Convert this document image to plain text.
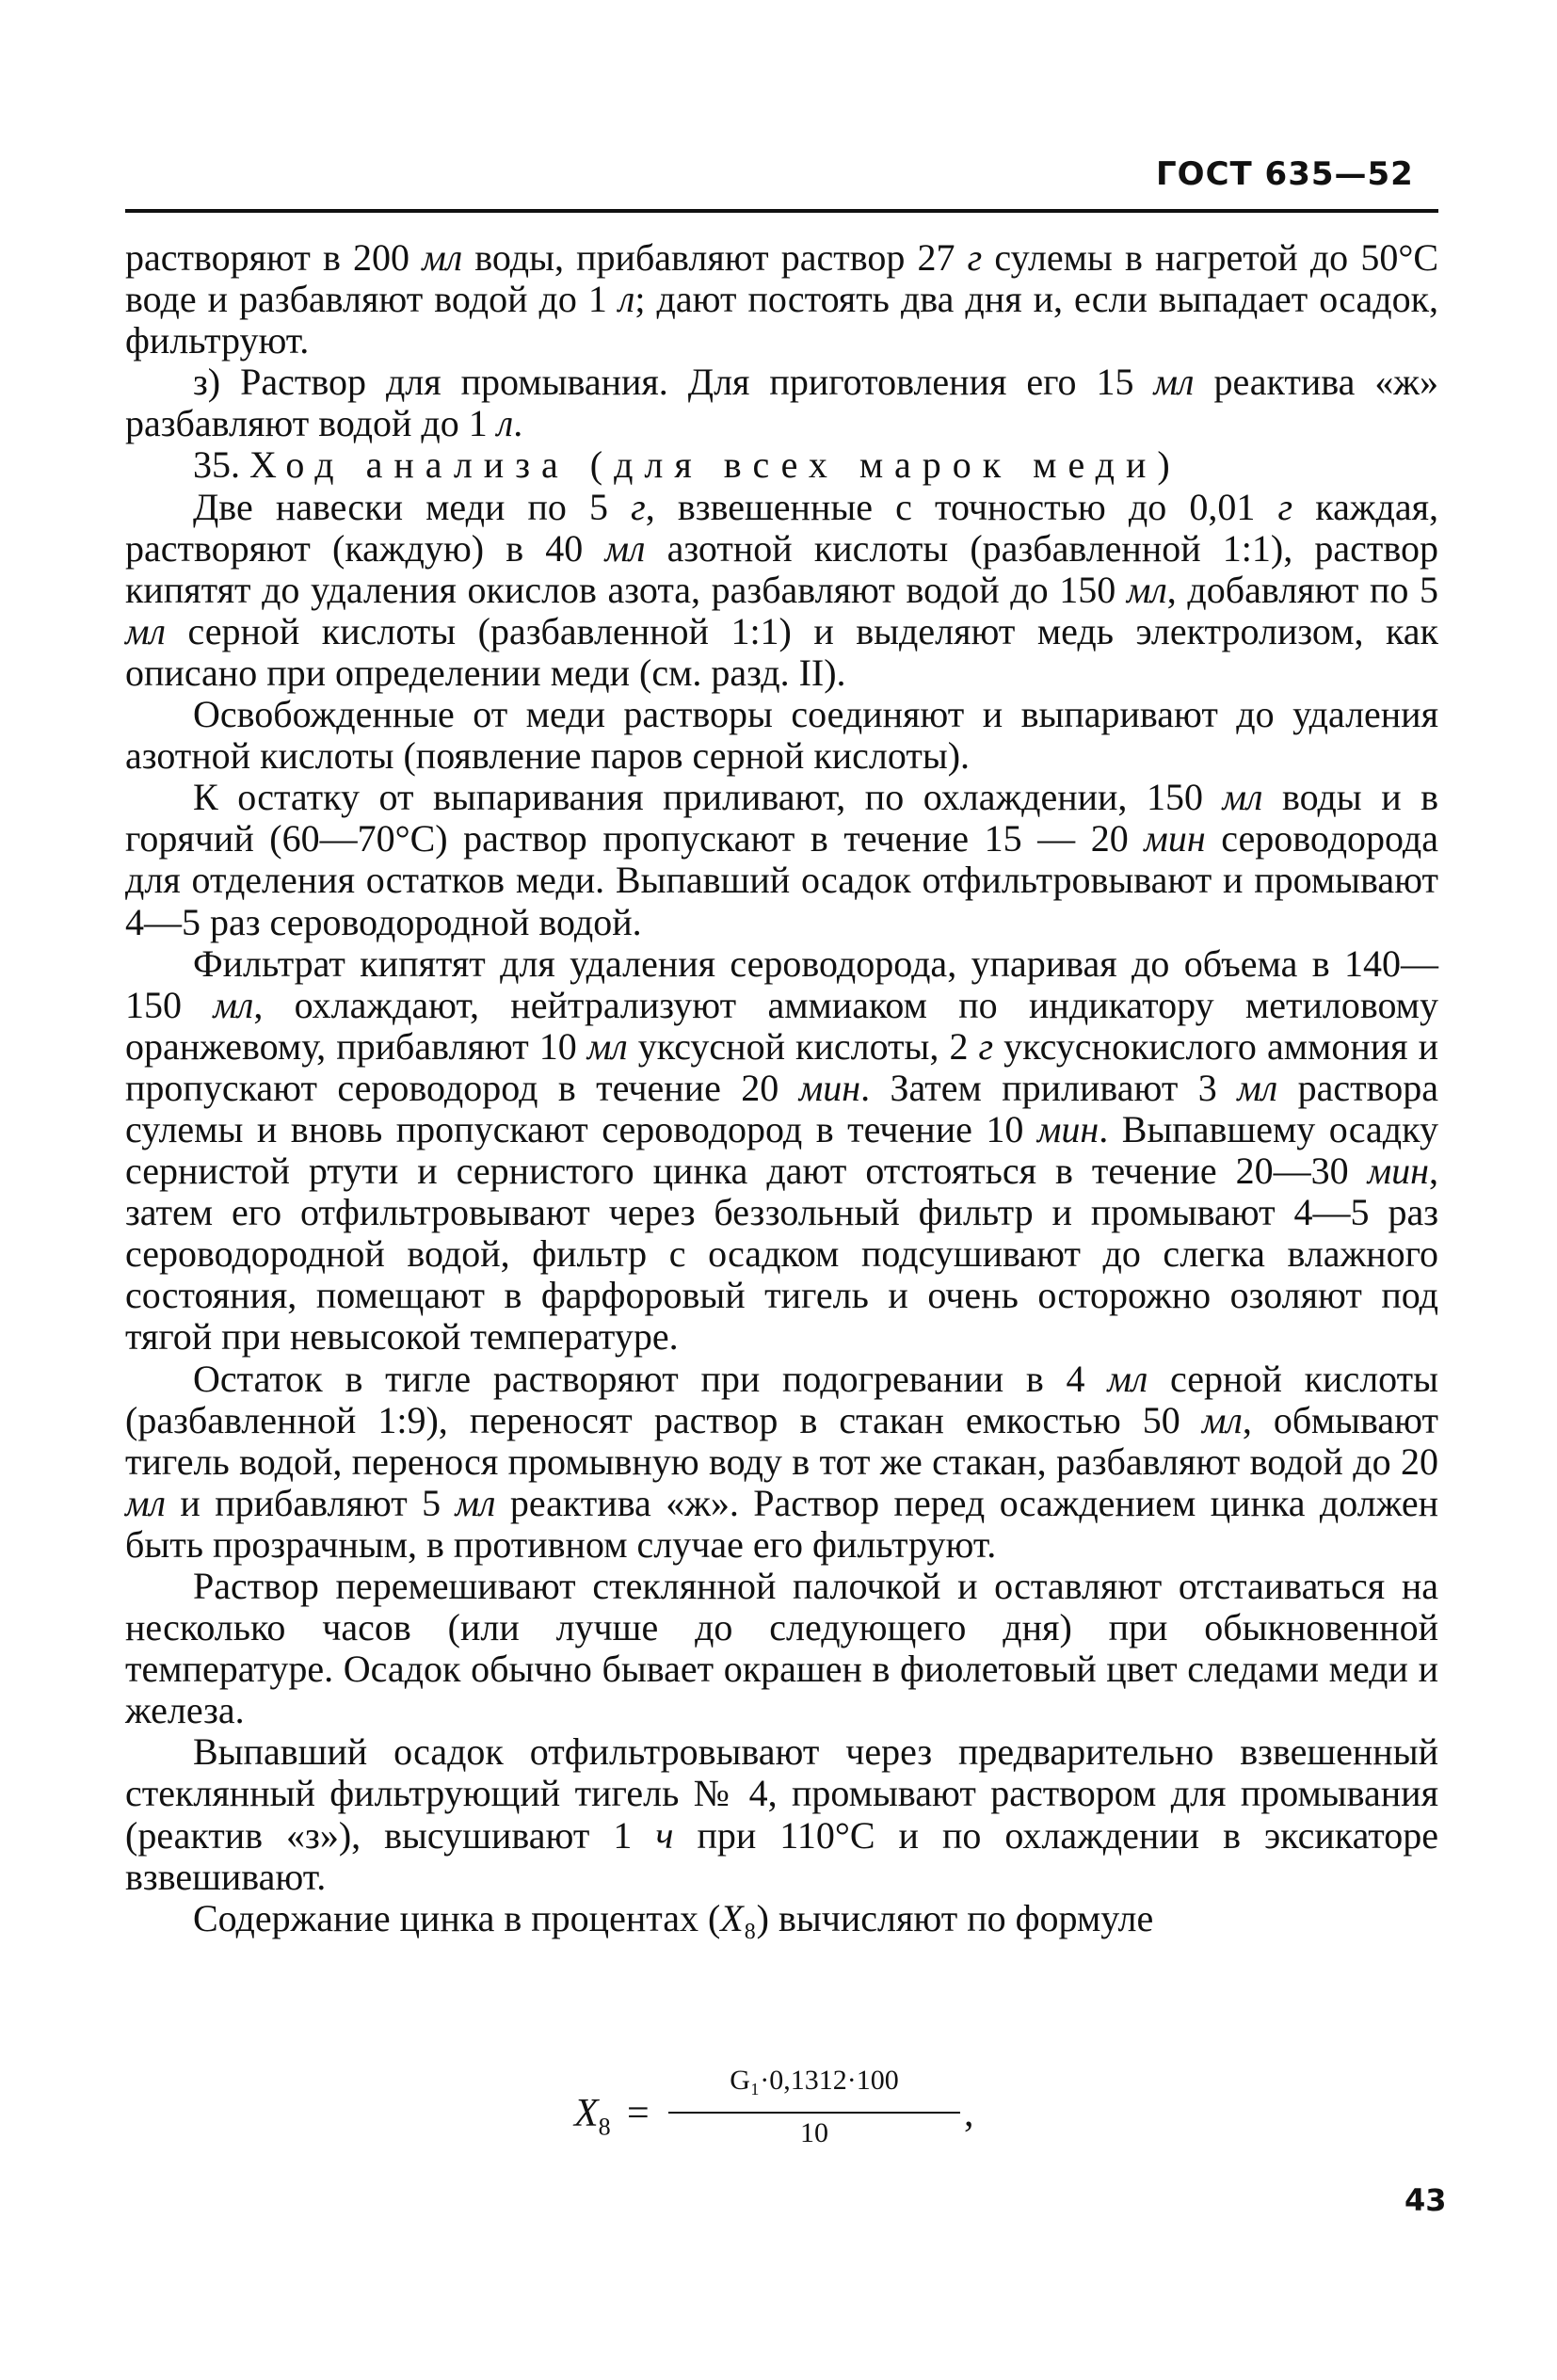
ГОСТ 635—52

растворяют в 200 мл воды, прибавляют раствор 27 г сулемы в нагретой до 50°С воде и разбавляют водой до 1 л; дают постоять два дня и, если выпадает осадок, фильтруют.

з) Раствор для промывания. Для приготовления его 15 мл реактива «ж» разбавляют водой до 1 л.

35. Ход анализа (для всех марок меди)

Две навески меди по 5 г, взвешенные с точностью до 0,01 г каждая, растворяют (каждую) в 40 мл азотной кислоты (разбавленной 1:1), раствор кипятят до удаления окислов азота, разбавляют водой до 150 мл, добавляют по 5 мл серной кислоты (разбавленной 1:1) и выделяют медь электролизом, как описано при определении меди (см. разд. II).

Освобожденные от меди растворы соединяют и выпаривают до удаления азотной кислоты (появление паров серной кислоты).

К остатку от выпаривания приливают, по охлаждении, 150 мл воды и в горячий (60—70°С) раствор пропускают в течение 15 — 20 мин сероводорода для отделения остатков меди. Выпавший осадок отфильтровывают и промывают 4—5 раз сероводородной водой.

Фильтрат кипятят для удаления сероводорода, упаривая до объема в 140—150 мл, охлаждают, нейтрализуют аммиаком по индикатору метиловому оранжевому, прибавляют 10 мл уксусной кислоты, 2 г уксуснокислого аммония и пропускают сероводород в течение 20 мин. Затем приливают 3 мл раствора сулемы и вновь пропускают сероводород в течение 10 мин. Выпавшему осадку сернистой ртути и сернистого цинка дают отстояться в течение 20—30 мин, затем его отфильтровывают через беззольный фильтр и промывают 4—5 раз сероводородной водой, фильтр с осадком подсушивают до слегка влажного состояния, помещают в фарфоровый тигель и очень осторожно озоляют под тягой при невысокой температуре.

Остаток в тигле растворяют при подогревании в 4 мл серной кислоты (разбавленной 1:9), переносят раствор в стакан емкостью 50 мл, обмывают тигель водой, перенося промывную воду в тот же стакан, разбавляют водой до 20 мл и прибавляют 5 мл реактива «ж». Раствор перед осаждением цинка должен быть прозрачным, в противном случае его фильтруют.

Раствор перемешивают стеклянной палочкой и оставляют отстаиваться на несколько часов (или лучше до следующего дня) при обыкновенной температуре. Осадок обычно бывает окрашен в фиолетовый цвет следами меди и железа.

Выпавший осадок отфильтровывают через предварительно взвешенный стеклянный фильтрующий тигель № 4, промывают раствором для промывания (реактив «з»), высушивают 1 ч при 110°С и по охлаждении в эксикаторе взвешивают.

Содержание цинка в процентах (X₈) вычисляют по формуле

$X_8$ =
G₁·0,1312·100
10	,
43
